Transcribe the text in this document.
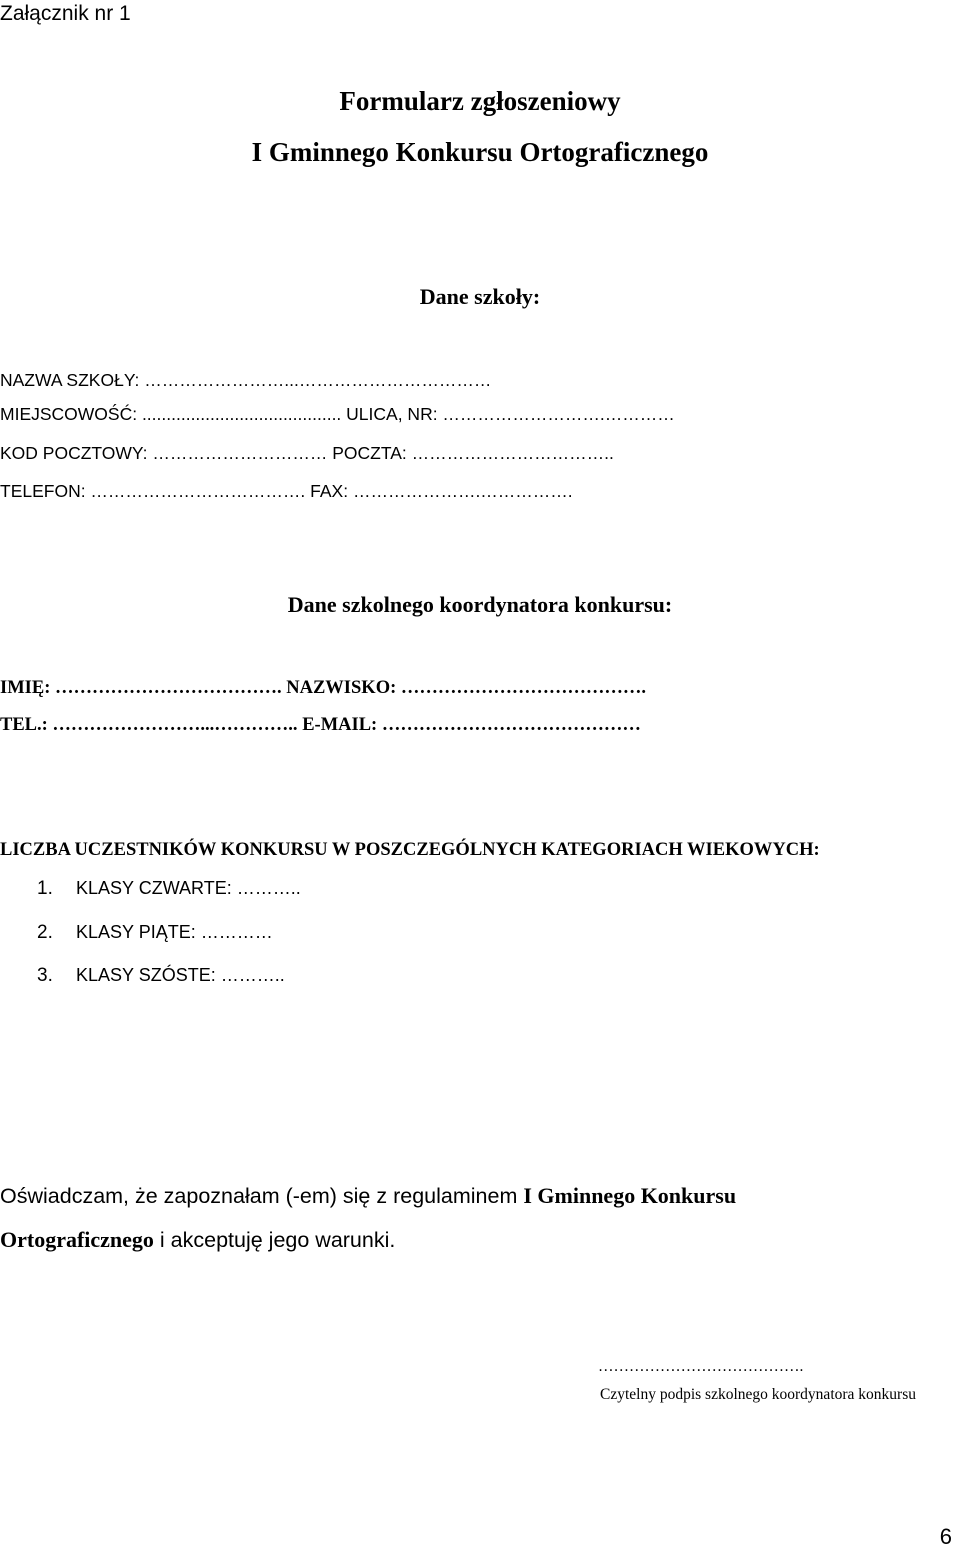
Załącznik nr 1
Formularz zgłoszeniowy
I Gminnego Konkursu Ortograficznego
Dane szkoły:
NAZWA SZKOŁY: ……………………...……………………………
MIEJSCOWOŚĆ: ......................................... ULICA, NR: ……………………….…………
KOD POCZTOWY: ………………………… POCZTA: ……………………………..
TELEFON: ………………………………. FAX: ………………….…………….
Dane szkolnego koordynatora konkursu:
IMIĘ: ………………………………. NAZWISKO: ………………………………….
TEL.: ……………………...………….. E-MAIL: ……………………………………
LICZBA UCZESTNIKÓW KONKURSU W POSZCZEGÓLNYCH KATEGORIACH WIEKOWYCH:
1. KLASY CZWARTE: ………..
2. KLASY PIĄTE: …………
3. KLASY SZÓSTE: ………..
Oświadczam, że zapoznałam (-em) się z regulaminem I Gminnego Konkursu
Ortograficznego i akceptuję jego warunki.
………………………………….
Czytelny podpis szkolnego koordynatora konkursu
6
